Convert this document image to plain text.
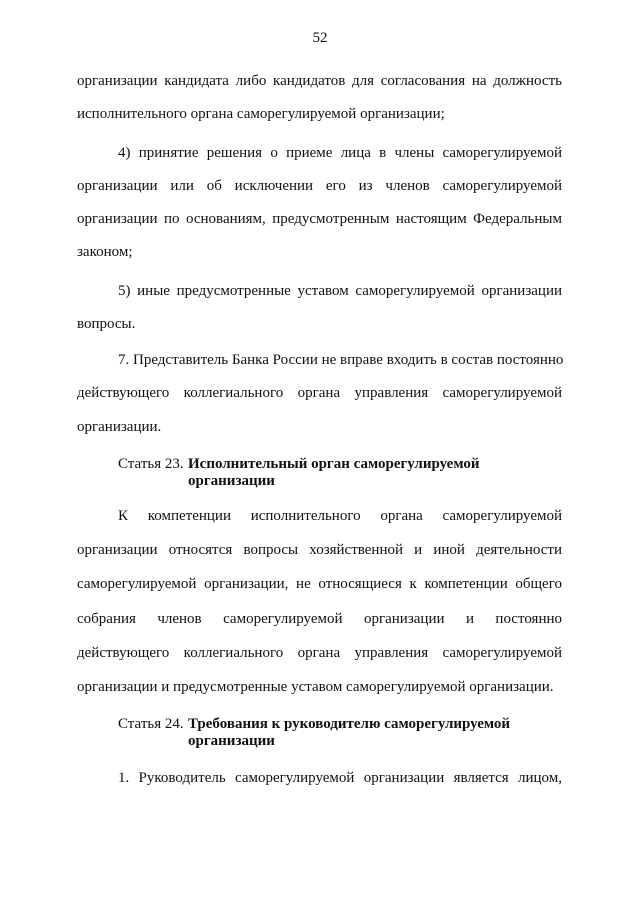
52
организации кандидата либо кандидатов для согласования на должность
исполнительного органа саморегулируемой организации;
4) принятие решения о приеме лица в члены саморегулируемой
организации или об исключении его из членов саморегулируемой
организации по основаниям, предусмотренным настоящим Федеральным
законом;
5) иные предусмотренные уставом саморегулируемой организации
вопросы.
7. Представитель Банка России не вправе входить в состав постоянно
действующего коллегиального органа управления саморегулируемой
организации.
Статья 23. Исполнительный орган саморегулируемой
организации
К компетенции исполнительного органа саморегулируемой
организации относятся вопросы хозяйственной и иной деятельности
саморегулируемой организации, не относящиеся к компетенции общего
собрания членов саморегулируемой организации и постоянно
действующего коллегиального органа управления саморегулируемой
организации и предусмотренные уставом саморегулируемой организации.
Статья 24. Требования к руководителю саморегулируемой
организации
1. Руководитель саморегулируемой организации является лицом,
